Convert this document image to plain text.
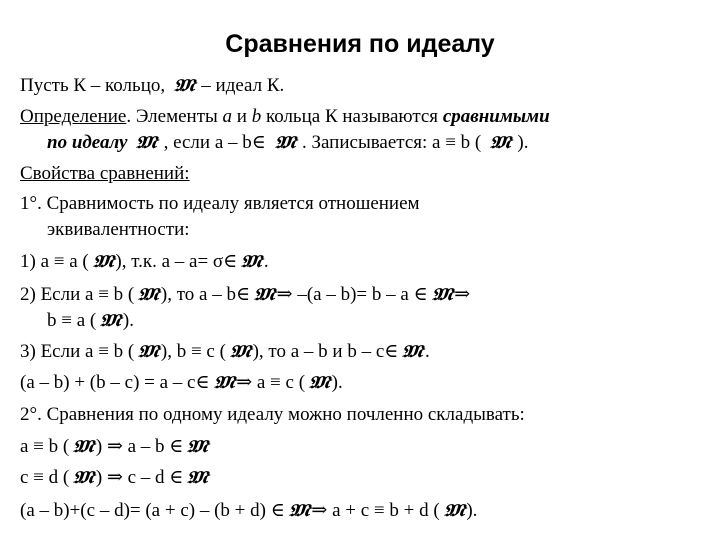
Сравнения по идеалу
Пусть К – кольцо, 𝔐 – идеал К.
Определение. Элементы a и b кольца К называются сравнимыми
по идеалу 𝔐 , если a – b∈ 𝔐 . Записывается: a ≡ b ( 𝔐 ).
Свойства сравнений:
1°. Сравнимость по идеалу является отношением
эквивалентности:
1) a ≡ a ( 𝔐 ), т.к. a – a= σ∈ 𝔐 .
2) Если a ≡ b ( 𝔐 ), то a – b∈ 𝔐 ⇒ –(a – b)= b – a ∈ 𝔐 ⇒
b ≡ a ( 𝔐 ).
3) Если a ≡ b ( 𝔐 ), b ≡ c ( 𝔐 ), то a – b и b – c∈ 𝔐 .
(a – b) + (b – c) = a – c∈ 𝔐 ⇒ a ≡ c ( 𝔐 ).
2°. Сравнения по одному идеалу можно почленно складывать:
a ≡ b ( 𝔐 ) ⇒ a – b ∈ 𝔐
c ≡ d ( 𝔐 ) ⇒ c – d ∈ 𝔐
(a – b)+(c – d)= (a + c) – (b + d) ∈ 𝔐 ⇒ a + c ≡ b + d ( 𝔐 ).
